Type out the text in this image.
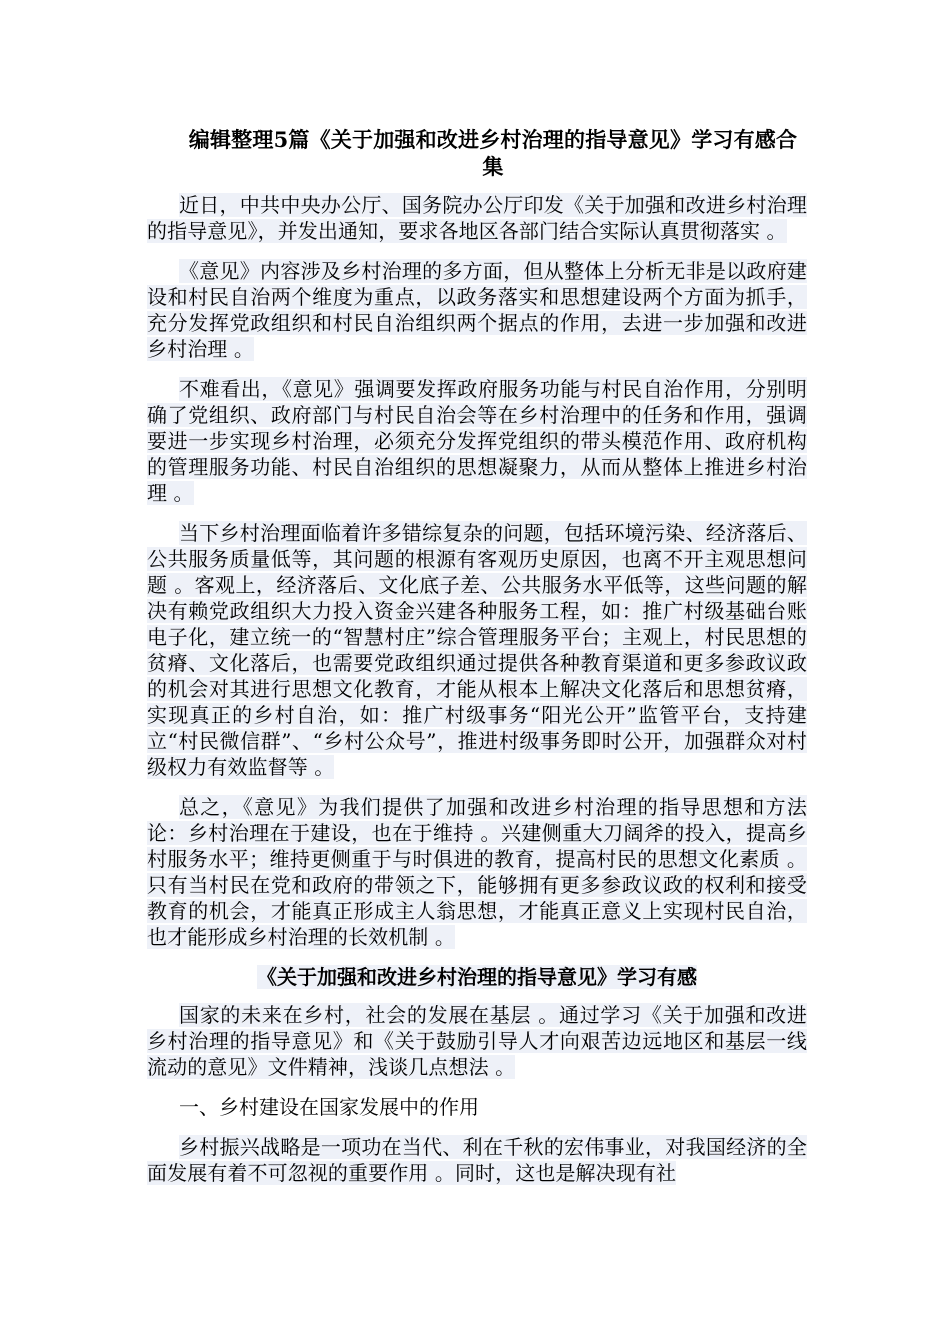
编辑整理5篇《关于加强和改进乡村治理的指导意见》学习有感合集

近日，中共中央办公厅、国务院办公厅印发《关于加强和改进乡村治理的指导意见》，并发出通知，要求各地区各部门结合实际认真贯彻落实 。

《意见》内容涉及乡村治理的多方面，但从整体上分析无非是以政府建设和村民自治两个维度为重点，以政务落实和思想建设两个方面为抓手，充分发挥党政组织和村民自治组织两个据点的作用，去进一步加强和改进乡村治理 。

不难看出，《意见》强调要发挥政府服务功能与村民自治作用，分别明确了党组织、政府部门与村民自治会等在乡村治理中的任务和作用，强调要进一步实现乡村治理，必须充分发挥党组织的带头模范作用、政府机构的管理服务功能、村民自治组织的思想凝聚力，从而从整体上推进乡村治理 。

当下乡村治理面临着许多错综复杂的问题，包括环境污染、经济落后、公共服务质量低等，其问题的根源有客观历史原因，也离不开主观思想问题 。客观上，经济落后、文化底子差、公共服务水平低等，这些问题的解决有赖党政组织大力投入资金兴建各种服务工程，如：推广村级基础台账电子化，建立统一的“智慧村庄”综合管理服务平台；主观上，村民思想的贫瘠、文化落后，也需要党政组织通过提供各种教育渠道和更多参政议政的机会对其进行思想文化教育，才能从根本上解决文化落后和思想贫瘠，实现真正的乡村自治，如：推广村级事务“阳光公开”监管平台，支持建立“村民微信群”、“乡村公众号”，推进村级事务即时公开，加强群众对村级权力有效监督等 。

总之，《意见》为我们提供了加强和改进乡村治理的指导思想和方法论：乡村治理在于建设，也在于维持 。兴建侧重大刀阔斧的投入，提高乡村服务水平；维持更侧重于与时俱进的教育，提高村民的思想文化素质 。只有当村民在党和政府的带领之下，能够拥有更多参政议政的权利和接受教育的机会，才能真正形成主人翁思想，才能真正意义上实现村民自治，也才能形成乡村治理的长效机制 。

《关于加强和改进乡村治理的指导意见》学习有感

国家的未来在乡村，社会的发展在基层 。通过学习《关于加强和改进乡村治理的指导意见》和《关于鼓励引导人才向艰苦边远地区和基层一线流动的意见》文件精神，浅谈几点想法 。

一、乡村建设在国家发展中的作用

乡村振兴战略是一项功在当代、利在千秋的宏伟事业，对我国经济的全面发展有着不可忽视的重要作用 。同时，这也是解决现有社
